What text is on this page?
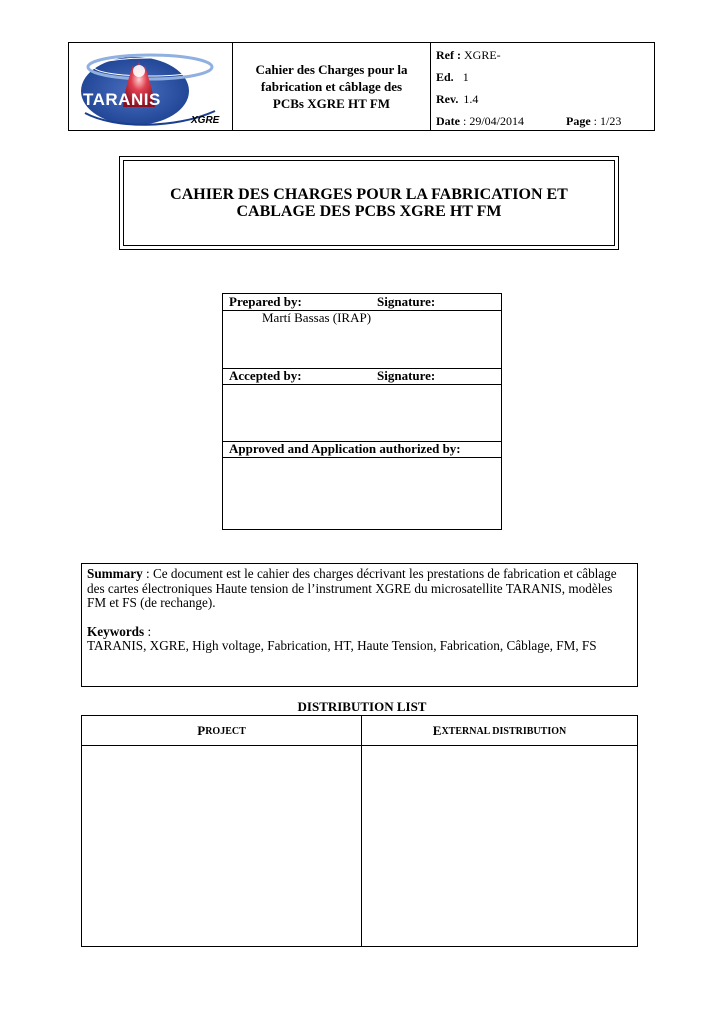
TARANIS
XGRE
Cahier des Charges pour la
fabrication et câblage des
PCBs XGRE HT FM
Ref : XGRE-
Ed. 1
Rev. 1.4
Date : 29/04/2014	Page : 1/23
CAHIER DES CHARGES POUR LA FABRICATION ET
CABLAGE DES PCBS XGRE HT FM
Prepared by:	Signature:
Martí Bassas (IRAP)
Accepted by:	Signature:
Approved and Application authorized by:
Summary : Ce document est le cahier des charges décrivant les prestations de fabrication et câblage des cartes électroniques Haute tension de l’instrument XGRE du microsatellite TARANIS, modèles FM et FS (de rechange).
Keywords :
TARANIS, XGRE, High voltage, Fabrication, HT, Haute Tension, Fabrication, Câblage, FM, FS
DISTRIBUTION LIST
P ROJECT	E XTERNAL DISTRIBUTION
